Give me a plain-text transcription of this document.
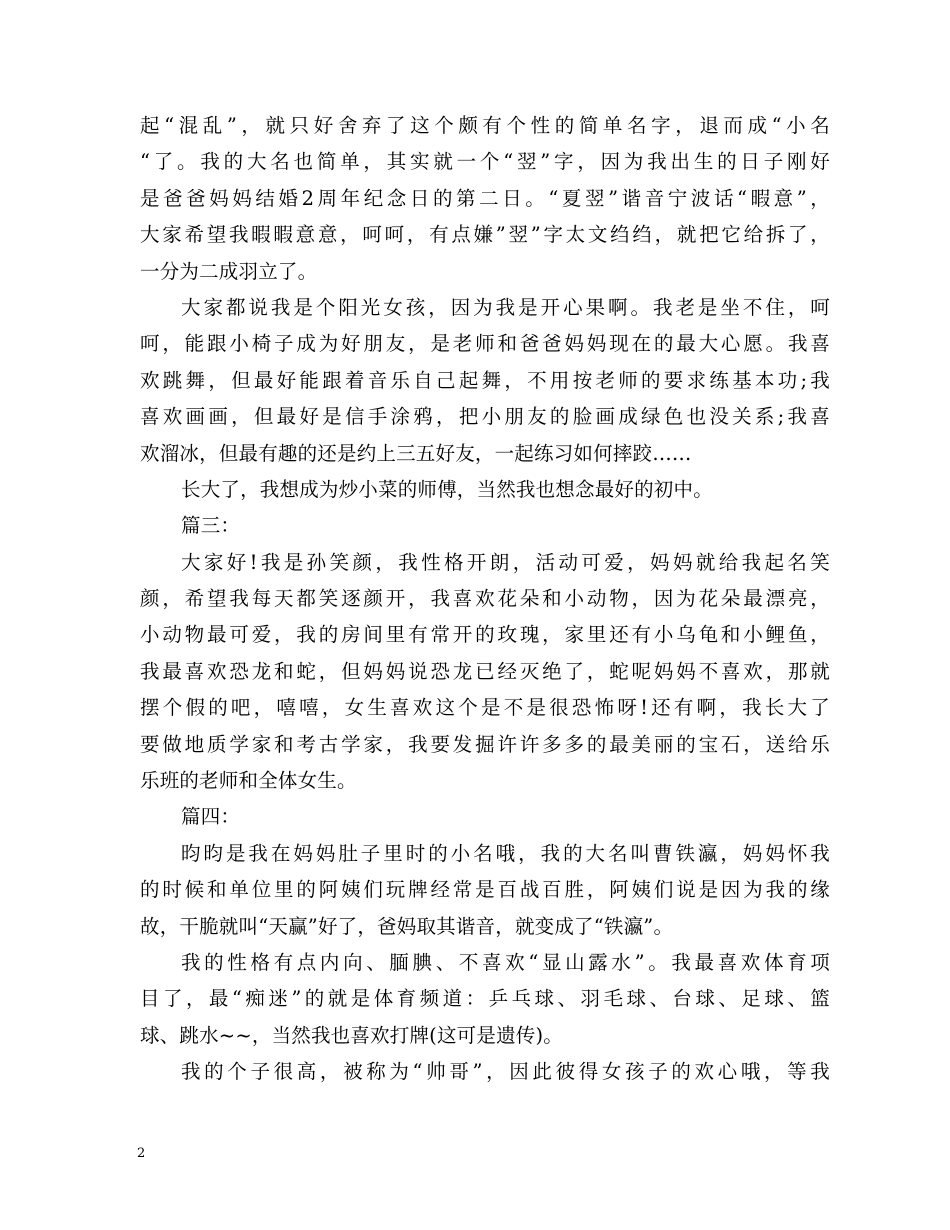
起“混乱”，就只好舍弃了这个颇有个性的简单名字，退而成“小名
“了。我的大名也简单，其实就一个“翌”字，因为我出生的日子刚好
是爸爸妈妈结婚2周年纪念日的第二日。“夏翌”谐音宁波话“暇意”，
大家希望我暇暇意意，呵呵，有点嫌”翌”字太文绉绉，就把它给拆了，
一分为二成羽立了。
大家都说我是个阳光女孩，因为我是开心果啊。我老是坐不住，呵
呵，能跟小椅子成为好朋友，是老师和爸爸妈妈现在的最大心愿。我喜
欢跳舞，但最好能跟着音乐自己起舞，不用按老师的要求练基本功;我
喜欢画画，但最好是信手涂鸦，把小朋友的脸画成绿色也没关系;我喜
欢溜冰，但最有趣的还是约上三五好友，一起练习如何摔跤……
长大了，我想成为炒小菜的师傅，当然我也想念最好的初中。
篇三：
大家好!我是孙笑颜，我性格开朗，活动可爱，妈妈就给我起名笑
颜，希望我每天都笑逐颜开，我喜欢花朵和小动物，因为花朵最漂亮，
小动物最可爱，我的房间里有常开的玫瑰，家里还有小乌龟和小鲤鱼，
我最喜欢恐龙和蛇，但妈妈说恐龙已经灭绝了，蛇呢妈妈不喜欢，那就
摆个假的吧，嘻嘻，女生喜欢这个是不是很恐怖呀!还有啊，我长大了
要做地质学家和考古学家，我要发掘许许多多的最美丽的宝石，送给乐
乐班的老师和全体女生。
篇四：
昀昀是我在妈妈肚子里时的小名哦，我的大名叫曹铁瀛，妈妈怀我
的时候和单位里的阿姨们玩牌经常是百战百胜，阿姨们说是因为我的缘
故，干脆就叫“天赢”好了，爸妈取其谐音，就变成了“铁瀛”。
我的性格有点内向、腼腆、不喜欢“显山露水”。我最喜欢体育项
目了，最“痴迷”的就是体育频道：乒乓球、羽毛球、台球、足球、篮
球、跳水~~，当然我也喜欢打牌(这可是遗传)。
我的个子很高，被称为“帅哥”，因此彼得女孩子的欢心哦，等我
2
